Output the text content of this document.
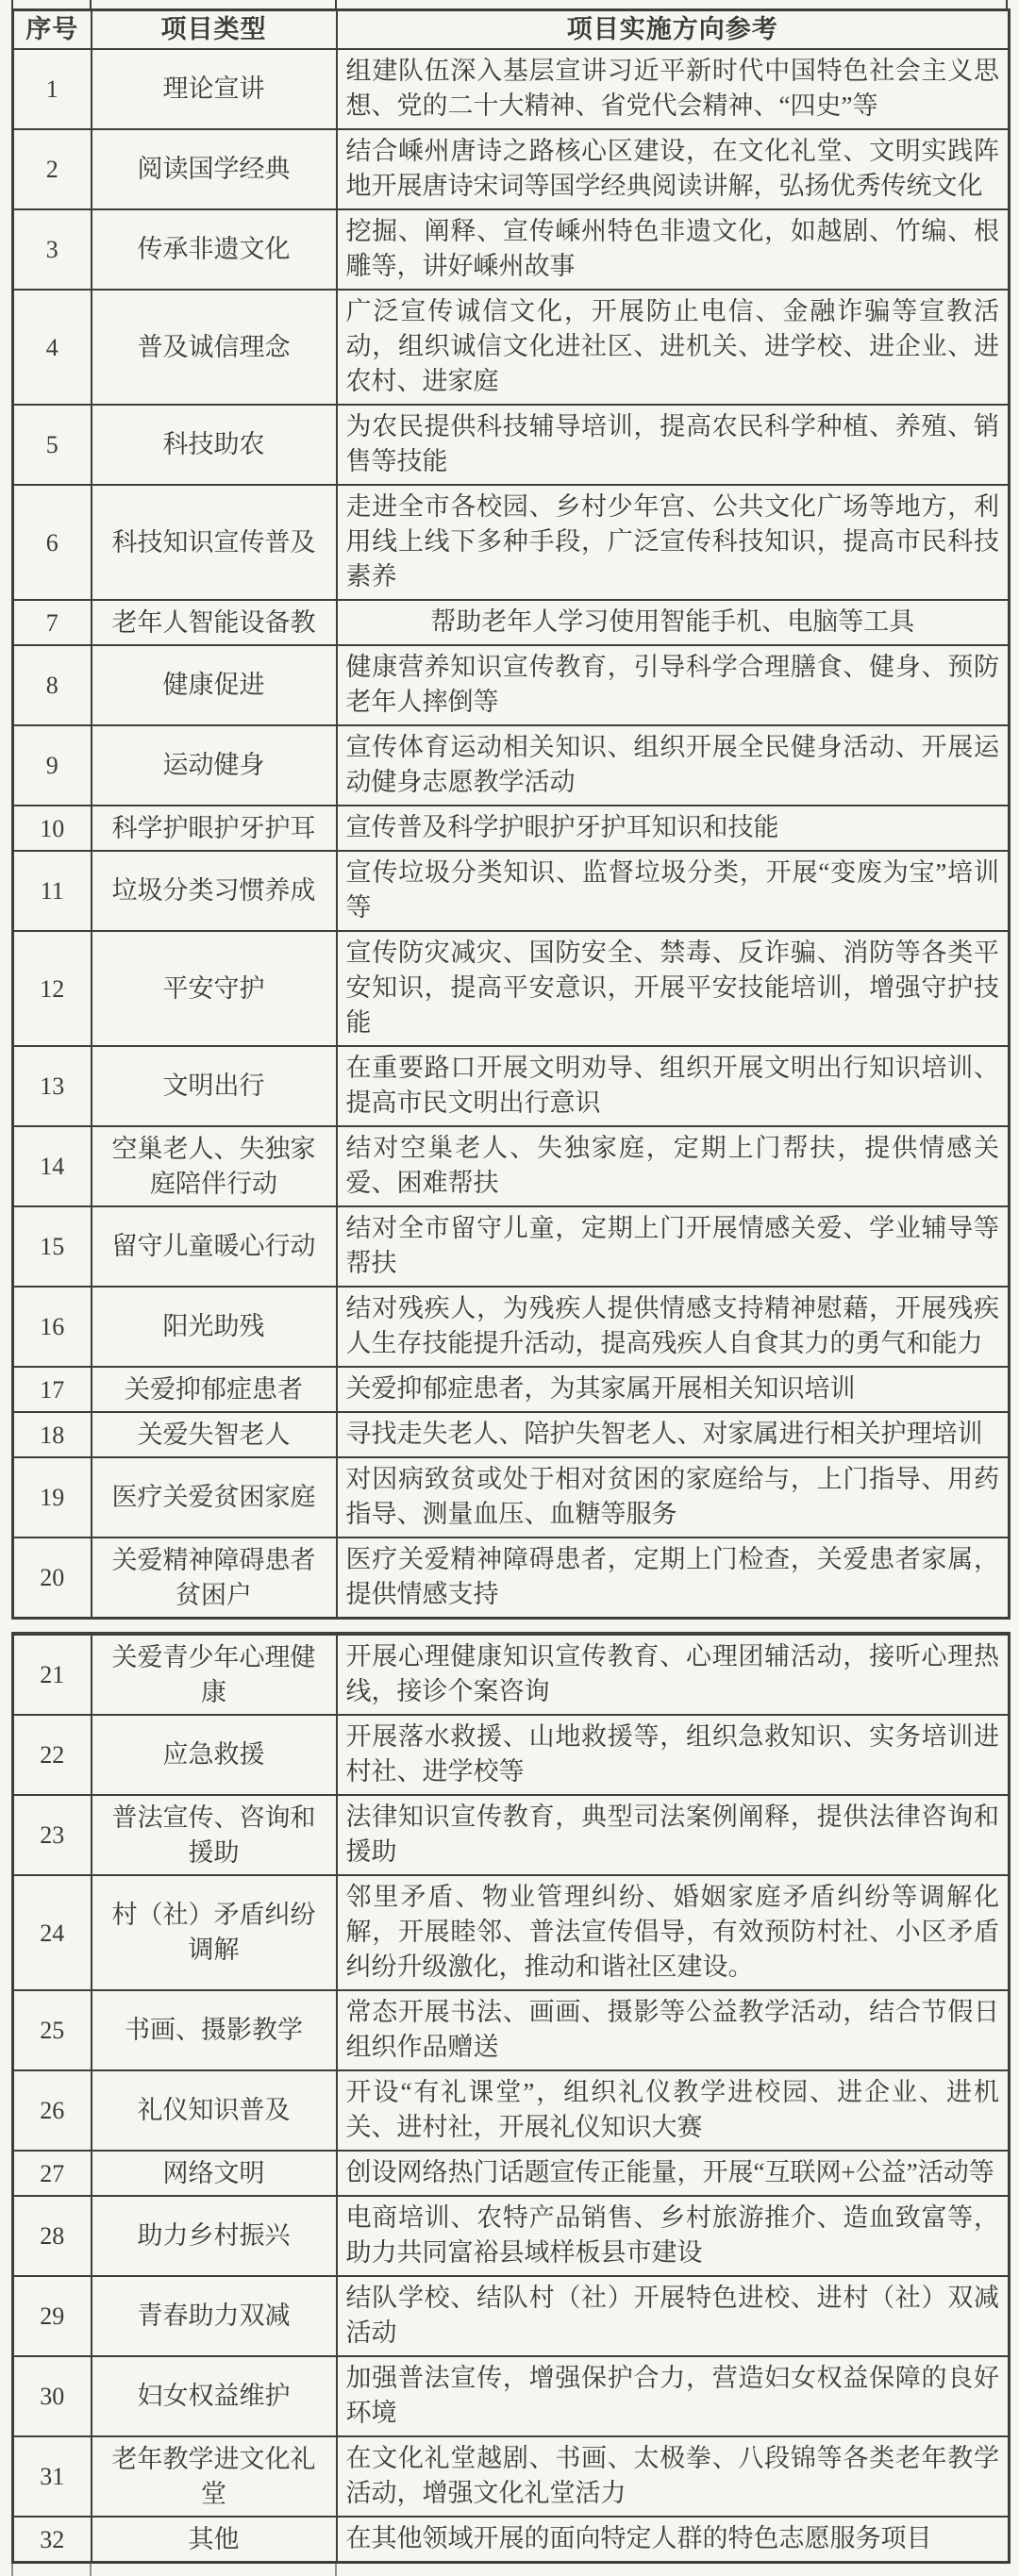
序号	项目类型	项目实施方向参考
1	理论宣讲	组建队伍深入基层宣讲习近平新时代中国特色社会主义思想、党的二十大精神、省党代会精神、“四史”等
2	阅读国学经典	结合嵊州唐诗之路核心区建设，在文化礼堂、文明实践阵地开展唐诗宋词等国学经典阅读讲解，弘扬优秀传统文化
3	传承非遗文化	挖掘、阐释、宣传嵊州特色非遗文化，如越剧、竹编、根雕等，讲好嵊州故事
4	普及诚信理念	广泛宣传诚信文化，开展防止电信、金融诈骗等宣教活动，组织诚信文化进社区、进机关、进学校、进企业、进农村、进家庭
5	科技助农	为农民提供科技辅导培训，提高农民科学种植、养殖、销售等技能
6	科技知识宣传普及	走进全市各校园、乡村少年宫、公共文化广场等地方，利用线上线下多种手段，广泛宣传科技知识，提高市民科技素养
7	老年人智能设备教	帮助老年人学习使用智能手机、电脑等工具
8	健康促进	健康营养知识宣传教育，引导科学合理膳食、健身、预防老年人摔倒等
9	运动健身	宣传体育运动相关知识、组织开展全民健身活动、开展运动健身志愿教学活动
10	科学护眼护牙护耳	宣传普及科学护眼护牙护耳知识和技能
11	垃圾分类习惯养成	宣传垃圾分类知识、监督垃圾分类，开展“变废为宝”培训等
12	平安守护	宣传防灾减灾、国防安全、禁毒、反诈骗、消防等各类平安知识，提高平安意识，开展平安技能培训，增强守护技能
13	文明出行	在重要路口开展文明劝导、组织开展文明出行知识培训、提高市民文明出行意识
14	空巢老人、失独家庭陪伴行动	结对空巢老人、失独家庭，定期上门帮扶，提供情感关爱、困难帮扶
15	留守儿童暖心行动	结对全市留守儿童，定期上门开展情感关爱、学业辅导等帮扶
16	阳光助残	结对残疾人，为残疾人提供情感支持精神慰藉，开展残疾人生存技能提升活动，提高残疾人自食其力的勇气和能力
17	关爱抑郁症患者	关爱抑郁症患者，为其家属开展相关知识培训
18	关爱失智老人	寻找走失老人、陪护失智老人、对家属进行相关护理培训
19	医疗关爱贫困家庭	对因病致贫或处于相对贫困的家庭给与，上门指导、用药指导、测量血压、血糖等服务
20	关爱精神障碍患者贫困户	医疗关爱精神障碍患者，定期上门检查，关爱患者家属，提供情感支持
21	关爱青少年心理健康	开展心理健康知识宣传教育、心理团辅活动，接听心理热线，接诊个案咨询
22	应急救援	开展落水救援、山地救援等，组织急救知识、实务培训进村社、进学校等
23	普法宣传、咨询和援助	法律知识宣传教育，典型司法案例阐释，提供法律咨询和援助
24	村（社）矛盾纠纷调解	邻里矛盾、物业管理纠纷、婚姻家庭矛盾纠纷等调解化解，开展睦邻、普法宣传倡导，有效预防村社、小区矛盾纠纷升级激化，推动和谐社区建设。
25	书画、摄影教学	常态开展书法、画画、摄影等公益教学活动，结合节假日组织作品赠送
26	礼仪知识普及	开设“有礼课堂”，组织礼仪教学进校园、进企业、进机关、进村社，开展礼仪知识大赛
27	网络文明	创设网络热门话题宣传正能量，开展“互联网+公益”活动等
28	助力乡村振兴	电商培训、农特产品销售、乡村旅游推介、造血致富等，助力共同富裕县域样板县市建设
29	青春助力双减	结队学校、结队村（社）开展特色进校、进村（社）双减活动
30	妇女权益维护	加强普法宣传，增强保护合力，营造妇女权益保障的良好环境
31	老年教学进文化礼堂	在文化礼堂越剧、书画、太极拳、八段锦等各类老年教学活动，增强文化礼堂活力
32	其他	在其他领域开展的面向特定人群的特色志愿服务项目
